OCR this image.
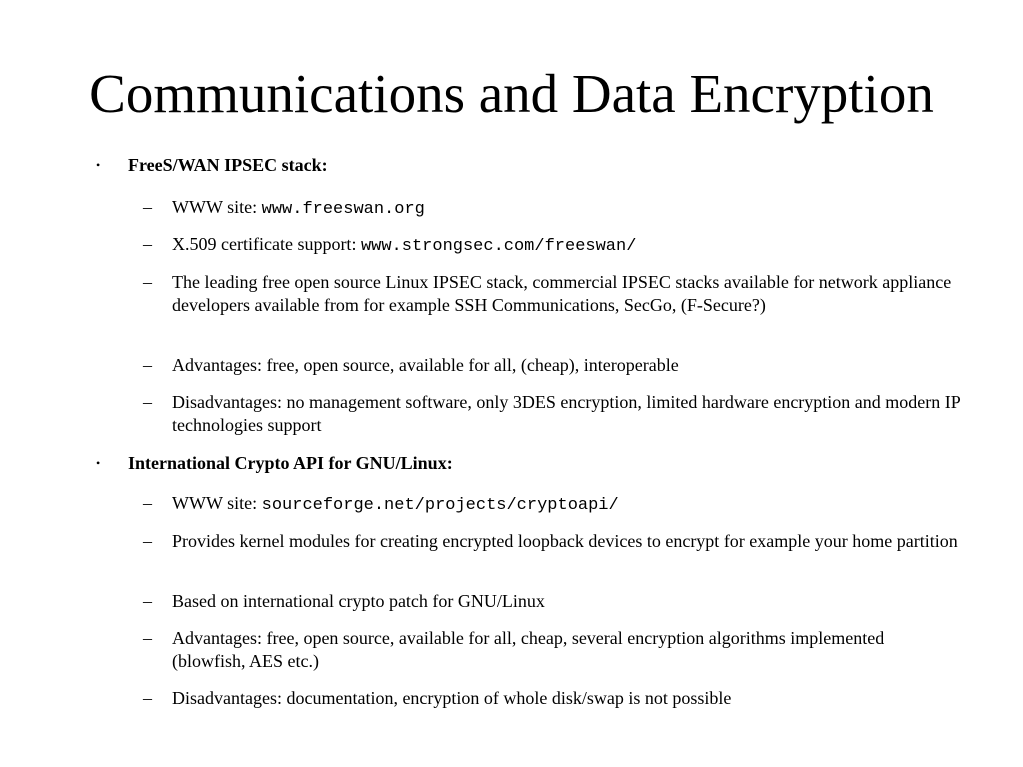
Communications and Data Encryption
• FreeS/WAN IPSEC stack:
– WWW site: www.freeswan.org
– X.509 certificate support: www.strongsec.com/freeswan/
– The leading free open source Linux IPSEC stack, commercial IPSEC stacks available for network appliance developers available from for example SSH Communications, SecGo, (F-Secure?)
– Advantages: free, open source, available for all, (cheap), interoperable
– Disadvantages: no management software, only 3DES encryption, limited hardware encryption and modern IP technologies support
• International Crypto API for GNU/Linux:
– WWW site: sourceforge.net/projects/cryptoapi/
– Provides kernel modules for creating encrypted loopback devices to encrypt for example your home partition
– Based on international crypto patch for GNU/Linux
– Advantages: free, open source, available for all, cheap, several encryption algorithms implemented (blowfish, AES etc.)
– Disadvantages: documentation, encryption of whole disk/swap is not possible
